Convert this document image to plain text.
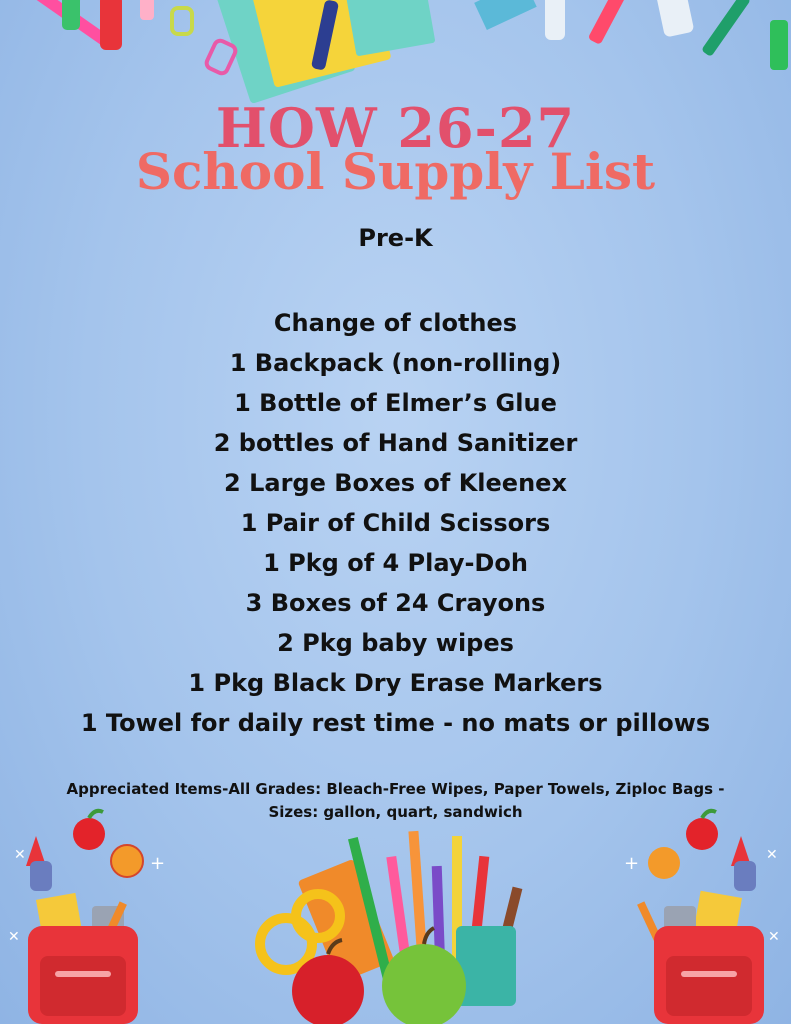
HOW 26-27
School Supply List
Pre-K
Change of clothes
1 Backpack (non-rolling)
1 Bottle of Elmer’s Glue
2 bottles of Hand Sanitizer
2 Large Boxes of Kleenex
1 Pair of Child Scissors
1 Pkg of 4 Play-Doh
3 Boxes of 24 Crayons
2 Pkg baby wipes
1 Pkg Black Dry Erase Markers
1 Towel for daily rest time - no mats or pillows
Appreciated Items-All Grades: Bleach-Free Wipes, Paper Towels, Ziploc Bags - Sizes: gallon, quart, sandwich
✕	+
✕
+	✕
✕
